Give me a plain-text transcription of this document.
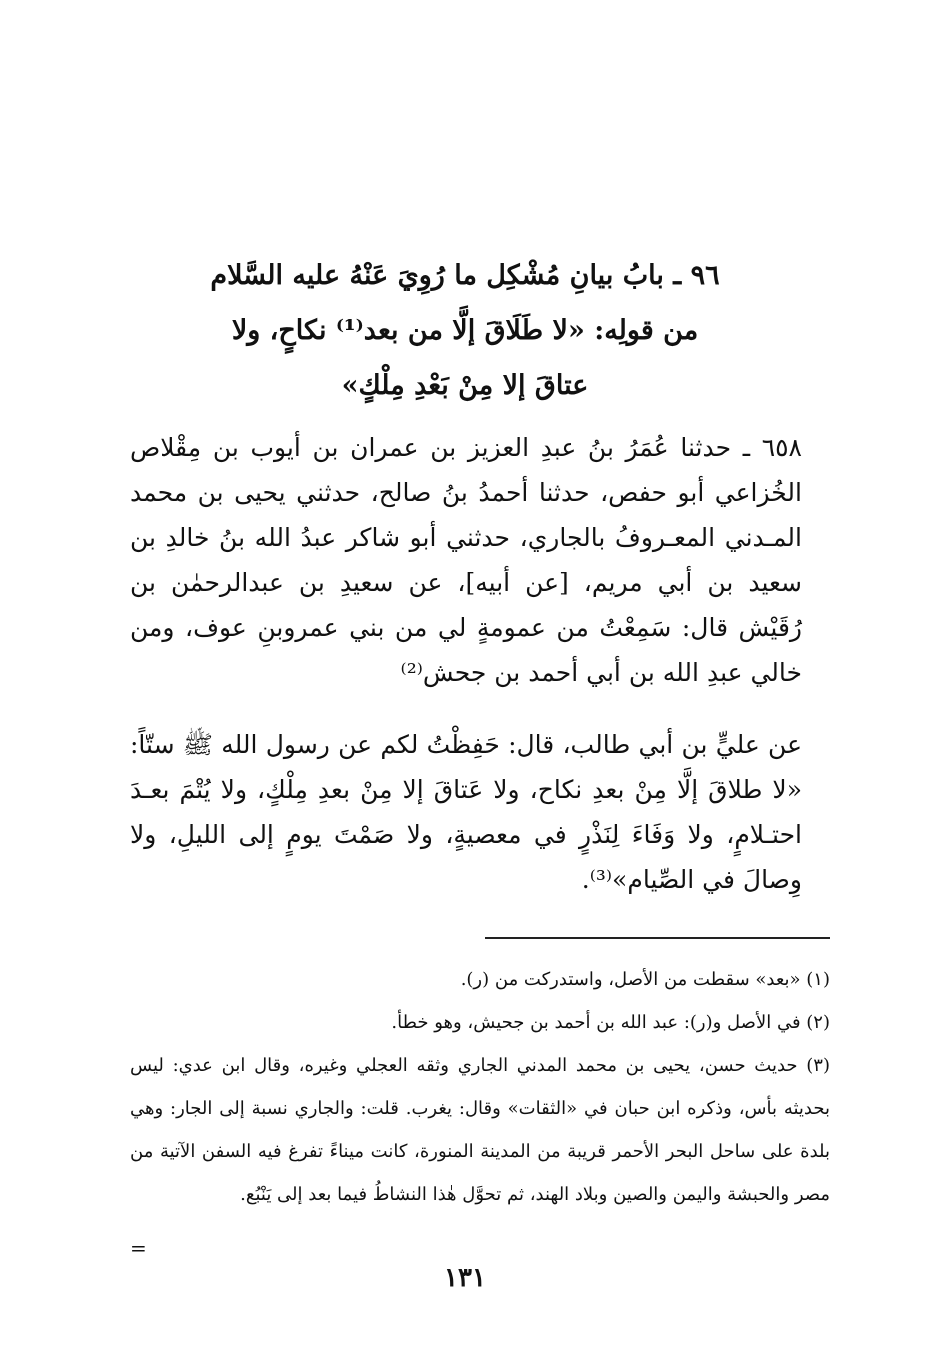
٩٦ ـ بابُ بيانِ مُشْكِل ما رُوِيَ عَنْهُ عليه السَّلام
من قولِه: «لا طَلَاقَ إلَّا من بعد⁽¹⁾ نكاحٍ، ولا
عتاقَ إلا مِنْ بَعْدِ مِلْكٍ»
٦٥٨ ـ حدثنا عُمَرُ بنُ عبدِ العزيز بن عمران بن أيوب بن مِقْلاص الخُزاعي أبو حفص، حدثنا أحمدُ بنُ صالح، حدثني يحيى بن محمد المـدني المعـروفُ بالجاري، حدثني أبو شاكر عبدُ الله بنُ خالدِ بن سعيد بن أبي مريم، [عن أبيه]، عن سعيدِ بن عبدالرحمٰن بن رُقَيْش قال: سَمِعْتُ من عمومةٍ لي من بني عمروبنِ عوف، ومن خالي عبدِ الله بن أبي أحمد بن جحش⁽²⁾
عن عليٍّ بن أبي طالب، قال: حَفِظْتُ لكم عن رسول الله ﷺ ستّاً: «لا طلاقَ إلَّا مِنْ بعدِ نكاح، ولا عَتاقَ إلا مِنْ بعدِ مِلْكٍ، ولا يُتْمَ بعـدَ احتـلامٍ، ولا وَفَاءَ لِنَذْرٍ في معصيةٍ، ولا صَمْتَ يومٍ إلى الليلِ، ولا وِصالَ في الصِّيام»⁽³⁾.
(١) «بعد» سقطت من الأصل، واستدركت من (ر).
(٢) في الأصل و(ر): عبد الله بن أحمد بن جحيش، وهو خطأ.
(٣) حديث حسن، يحيى بن محمد المدني الجاري وثقه العجلي وغيره، وقال ابن عدي: ليس بحديثه بأس، وذكره ابن حبان في «الثقات» وقال: يغرب. قلت: والجاري نسبة إلى الجار: وهي بلدة على ساحل البحر الأحمر قريبة من المدينة المنورة، كانت ميناءً تفرغ فيه السفن الآتية من مصر والحبشة واليمن والصين وبلاد الهند، ثم تحوَّل هٰذا النشاطُ فيما بعد إلى يَنْبُع.
=
١٣١
